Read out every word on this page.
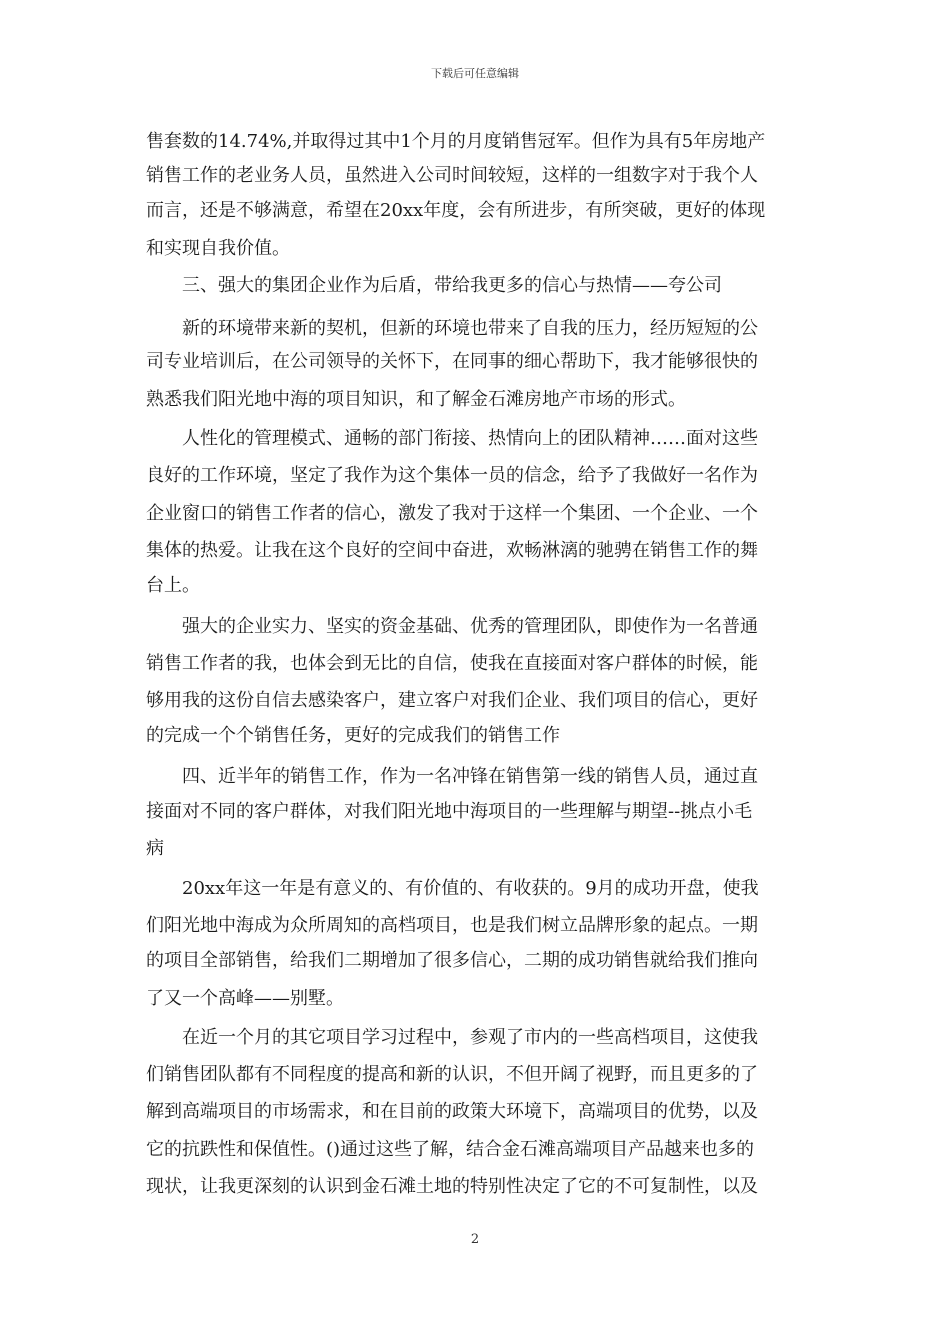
下载后可任意编辑
售套数的14.74%,并取得过其中1个月的月度销售冠军。但作为具有5年房地产
销售工作的老业务人员，虽然进入公司时间较短，这样的一组数字对于我个人
而言，还是不够满意，希望在20xx年度，会有所进步，有所突破，更好的体现
和实现自我价值。
三、强大的集团企业作为后盾，带给我更多的信心与热情——夸公司
新的环境带来新的契机，但新的环境也带来了自我的压力，经历短短的公
司专业培训后，在公司领导的关怀下，在同事的细心帮助下，我才能够很快的
熟悉我们阳光地中海的项目知识，和了解金石滩房地产市场的形式。
人性化的管理模式、通畅的部门衔接、热情向上的团队精神……面对这些
良好的工作环境，坚定了我作为这个集体一员的信念，给予了我做好一名作为
企业窗口的销售工作者的信心，激发了我对于这样一个集团、一个企业、一个
集体的热爱。让我在这个良好的空间中奋进，欢畅淋漓的驰骋在销售工作的舞
台上。
强大的企业实力、坚实的资金基础、优秀的管理团队，即使作为一名普通
销售工作者的我，也体会到无比的自信，使我在直接面对客户群体的时候，能
够用我的这份自信去感染客户，建立客户对我们企业、我们项目的信心，更好
的完成一个个销售任务，更好的完成我们的销售工作
四、近半年的销售工作，作为一名冲锋在销售第一线的销售人员，通过直
接面对不同的客户群体，对我们阳光地中海项目的一些理解与期望--挑点小毛
病
20xx年这一年是有意义的、有价值的、有收获的。9月的成功开盘，使我
们阳光地中海成为众所周知的高档项目，也是我们树立品牌形象的起点。一期
的项目全部销售，给我们二期增加了很多信心，二期的成功销售就给我们推向
了又一个高峰——别墅。
在近一个月的其它项目学习过程中，参观了市内的一些高档项目，这使我
们销售团队都有不同程度的提高和新的认识，不但开阔了视野，而且更多的了
解到高端项目的市场需求，和在目前的政策大环境下，高端项目的优势，以及
它的抗跌性和保值性。()通过这些了解，结合金石滩高端项目产品越来也多的
现状，让我更深刻的认识到金石滩土地的特别性决定了它的不可复制性，以及
2
